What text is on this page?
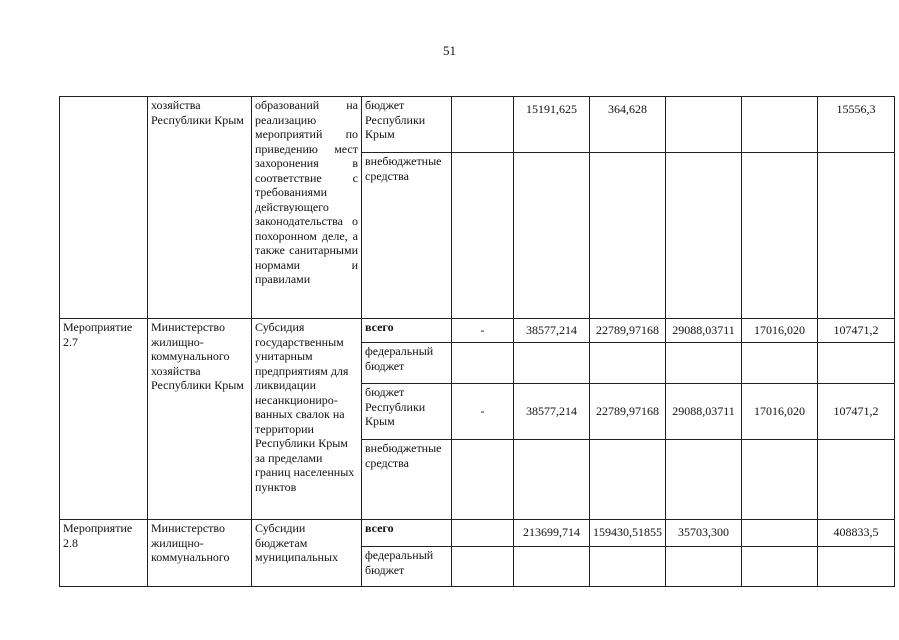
51
	хозяйства Республики Крым	образований на реализацию мероприятий по приведению мест захоронения в соответствие с требованиями действующего законодательства о похоронном деле, а также санитарными нормами и правилами	бюджет Республики Крым		15191,625	364,628			15556,3
			внебюджетные средства						
Мероприятие 2.7	Министерство жилищно-коммунального хозяйства Республики Крым	Субсидия государственным унитарным предприятиям для ликвидации несанкциониро-ванных свалок на территории Республики Крым за пределами границ населенных пунктов	всего	-	38577,214	22789,97168	29088,03711	17016,020	107471,2
			федеральный бюджет						
			бюджет Республики Крым	-	38577,214	22789,97168	29088,03711	17016,020	107471,2
			внебюджетные средства						
Мероприятие 2.8	Министерство жилищно-коммунального	Субсидии бюджетам муниципальных	всего		213699,714	159430,51855	35703,300		408833,5
			федеральный бюджет						
